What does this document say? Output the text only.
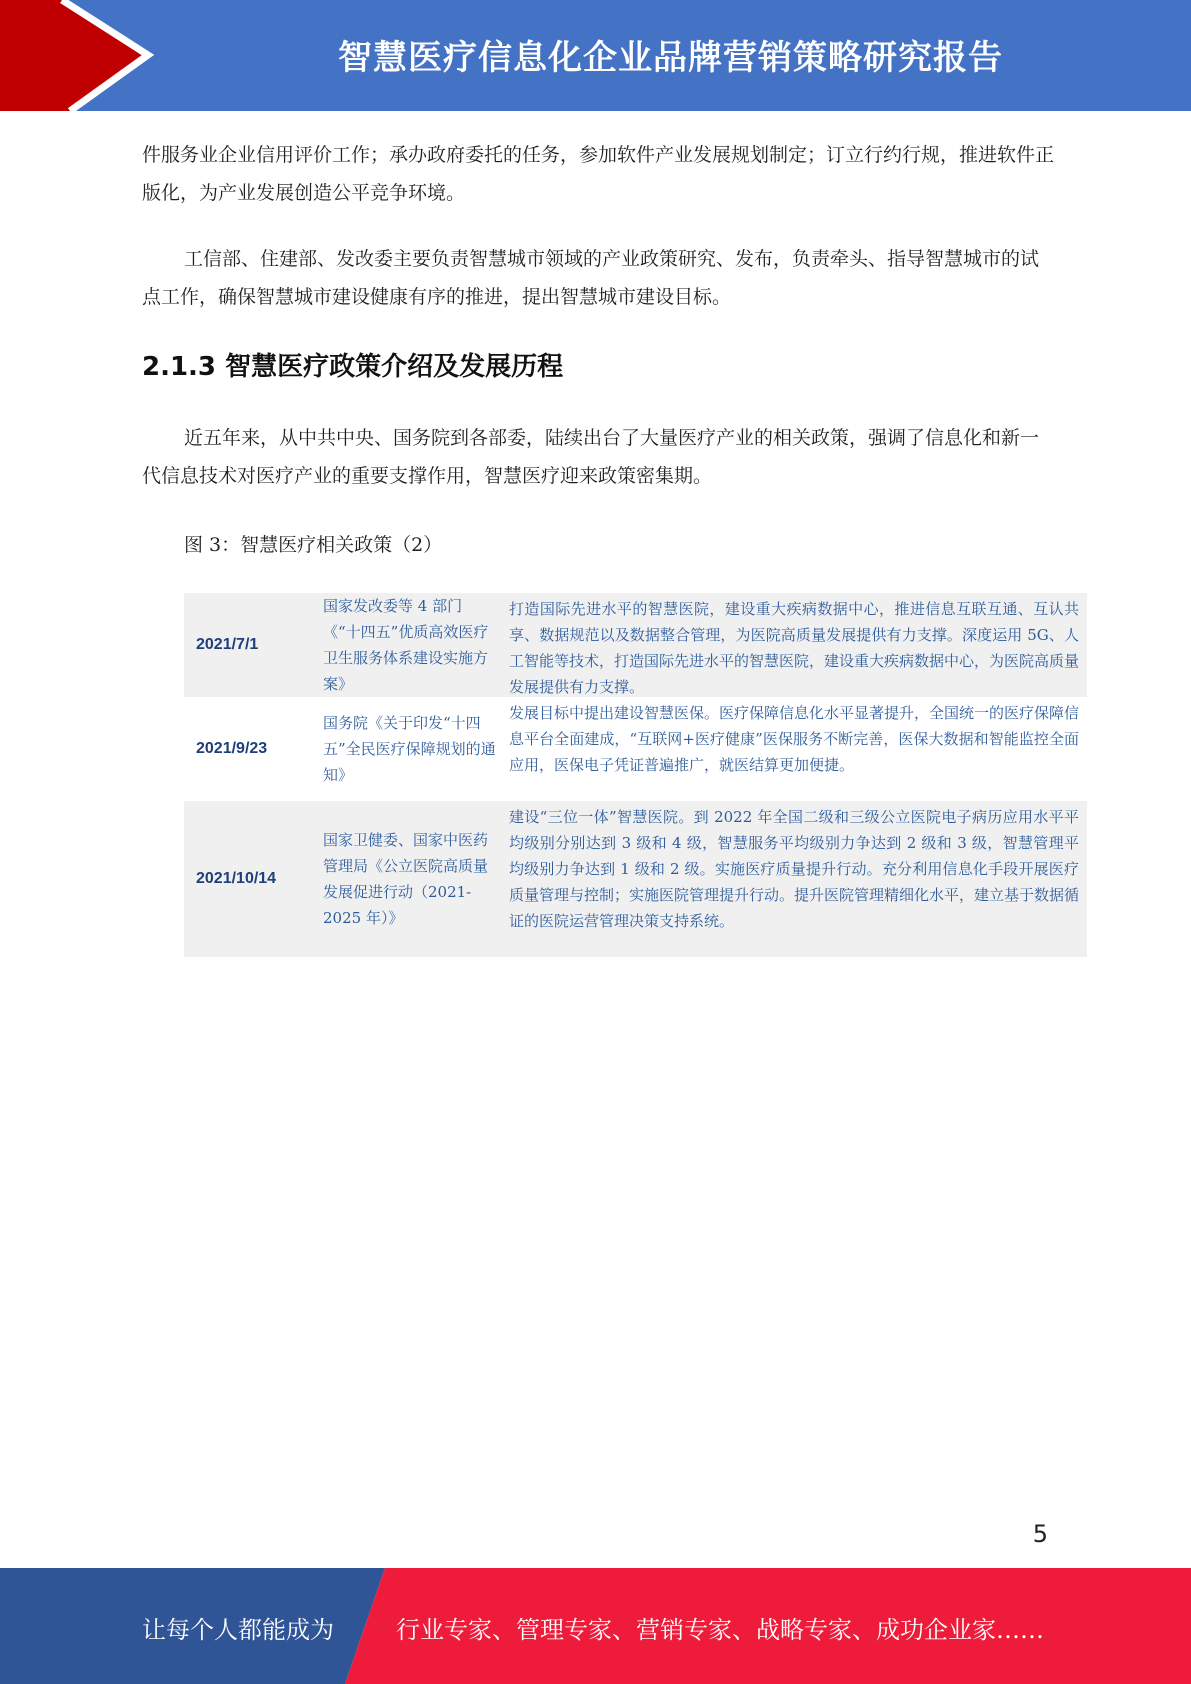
智慧医疗信息化企业品牌营销策略研究报告

件服务业企业信用评价工作；承办政府委托的任务，参加软件产业发展规划制定；订立行约行规，推进软件正版化，为产业发展创造公平竞争环境。

工信部、住建部、发改委主要负责智慧城市领域的产业政策研究、发布，负责牵头、指导智慧城市的试点工作，确保智慧城市建设健康有序的推进，提出智慧城市建设目标。

2.1.3 智慧医疗政策介绍及发展历程

近五年来，从中共中央、国务院到各部委，陆续出台了大量医疗产业的相关政策，强调了信息化和新一代信息技术对医疗产业的重要支撑作用，智慧医疗迎来政策密集期。

图 3：智慧医疗相关政策（2）

2021/7/1
国家发改委等 4 部门《“十四五”优质高效医疗卫生服务体系建设实施方案》
打造国际先进水平的智慧医院，建设重大疾病数据中心，推进信息互联互通、互认共享、数据规范以及数据整合管理，为医院高质量发展提供有力支撑。深度运用 5G、人工智能等技术，打造国际先进水平的智慧医院，建设重大疾病数据中心，为医院高质量发展提供有力支撑。
2021/9/23
国务院《关于印发“十四五”全民医疗保障规划的通知》
发展目标中提出建设智慧医保。医疗保障信息化水平显著提升，全国统一的医疗保障信息平台全面建成，“互联网+医疗健康”医保服务不断完善，医保大数据和智能监控全面应用，医保电子凭证普遍推广，就医结算更加便捷。
2021/10/14
国家卫健委、国家中医药管理局《公立医院高质量发展促进行动（2021-2025 年）》
建设“三位一体”智慧医院。到 2022 年全国二级和三级公立医院电子病历应用水平平均级别分别达到 3 级和 4 级，智慧服务平均级别力争达到 2 级和 3 级，智慧管理平均级别力争达到 1 级和 2 级。实施医疗质量提升行动。充分利用信息化手段开展医疗质量管理与控制；实施医院管理提升行动。提升医院管理精细化水平，建立基于数据循证的医院运营管理决策支持系统。
5
让每个人都能成为	行业专家、管理专家、营销专家、战略专家、成功企业家……
